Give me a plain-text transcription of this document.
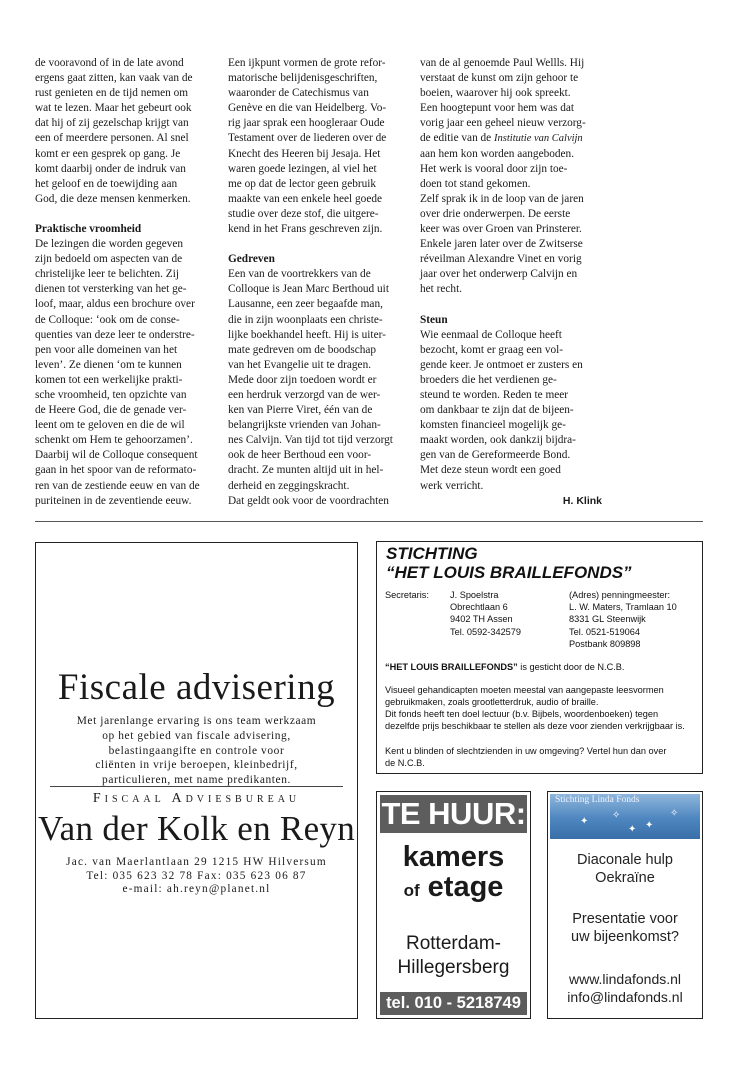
de vooravond of in de late avond
ergens gaat zitten, kan vaak van de
rust genieten en de tijd nemen om
wat te lezen. Maar het gebeurt ook
dat hij of zij gezelschap krijgt van
een of meerdere personen. Al snel
komt er een gesprek op gang. Je
komt daarbij onder de indruk van
het geloof en de toewijding aan
God, die deze mensen kenmerken.
Praktische vroomheid
De lezingen die worden gegeven
zijn bedoeld om aspecten van de
christelijke leer te belichten. Zij
dienen tot versterking van het ge-
loof, maar, aldus een brochure over
de Colloque: ‘ook om de conse-
quenties van deze leer te onderstre-
pen voor alle domeinen van het
leven’. Ze dienen ‘om te kunnen
komen tot een werkelijke prakti-
sche vroomheid, ten opzichte van
de Heere God, die de genade ver-
leent om te geloven en die de wil
schenkt om Hem te gehoorzamen’.
Daarbij wil de Colloque consequent
gaan in het spoor van de reformato-
ren van de zestiende eeuw en van de
puriteinen in de zeventiende eeuw.
Een ijkpunt vormen de grote refor-
matorische belijdenisgeschriften,
waaronder de Catechismus van
Genève en die van Heidelberg. Vo-
rig jaar sprak een hoogleraar Oude
Testament over de liederen over de
Knecht des Heeren bij Jesaja. Het
waren goede lezingen, al viel het
me op dat de lector geen gebruik
maakte van een enkele heel goede
studie over deze stof, die uitgere-
kend in het Frans geschreven zijn.
Gedreven
Een van de voortrekkers van de
Colloque is Jean Marc Berthoud uit
Lausanne, een zeer begaafde man,
die in zijn woonplaats een christe-
lijke boekhandel heeft. Hij is uiter-
mate gedreven om de boodschap
van het Evangelie uit te dragen.
Mede door zijn toedoen wordt er
een herdruk verzorgd van de wer-
ken van Pierre Viret, één van de
belangrijkste vrienden van Johan-
nes Calvijn. Van tijd tot tijd verzorgt
ook de heer Berthoud een voor-
dracht. Ze munten altijd uit in hel-
derheid en zeggingskracht.
Dat geldt ook voor de voordrachten
van de al genoemde Paul Wellls. Hij
verstaat de kunst om zijn gehoor te
boeien, waarover hij ook spreekt.
Een hoogtepunt voor hem was dat
vorig jaar een geheel nieuw verzorg-

de editie van de Institutie van Calvijn

aan hem kon worden aangeboden.
Het werk is vooral door zijn toe-
doen tot stand gekomen.
Zelf sprak ik in de loop van de jaren
over drie onderwerpen. De eerste
keer was over Groen van Prinsterer.
Enkele jaren later over de Zwitserse
réveilman Alexandre Vinet en vorig
jaar over het onderwerp Calvijn en
het recht.
Steun
Wie eenmaal de Colloque heeft
bezocht, komt er graag een vol-
gende keer. Je ontmoet er zusters en
broeders die het verdienen ge-
steund te worden. Reden te meer
om dankbaar te zijn dat de bijeen-
komsten financieel mogelijk ge-
maakt worden, ook dankzij bijdra-
gen van de Gereformeerde Bond.
Met deze steun wordt een goed
werk verricht.
H. Klink
Fiscale advisering
Met jarenlange ervaring is ons team werkzaam
op het gebied van fiscale advisering,
belastingaangifte en controle voor
cliënten in vrije beroepen, kleinbedrijf,
particulieren, met name predikanten.
Fiscaal Adviesbureau
Van der Kolk en Reyn
Jac. van Maerlantlaan 29 1215 HW Hilversum
Tel: 035 623 32 78 Fax: 035 623 06 87
e-mail: ah.reyn@planet.nl
STICHTING
“HET LOUIS BRAILLEFONDS”
Secretaris: J. Spoelstra
Obrechtlaan 6
9402 TH Assen
Tel. 0592-342579
(Adres) penningmeester:
L. W. Maters, Tramlaan 10
8331 GL Steenwijk
Tel. 0521-519064
Postbank 809898
“HET LOUIS BRAILLEFONDS” is gesticht door de N.C.B.
Visueel gehandicapten moeten meestal van aangepaste leesvormen
gebruikmaken, zoals grootletterdruk, audio of braille.
Dit fonds heeft ten doel lectuur (b.v. Bijbels, woordenboeken) tegen
dezelfde prijs beschikbaar te stellen als deze voor zienden verkrijgbaar is.
Kent u blinden of slechtzienden in uw omgeving? Vertel hun dan over
de N.C.B.
TE HUUR:
kamers
of etage
Rotterdam-
Hillegersberg
tel. 010 - 5218749
Stichting Linda Fonds
✦
✧
✦
✧
✦
Diaconale hulp
Oekraïne
Presentatie voor
uw bijeenkomst?
www.lindafonds.nl
info@lindafonds.nl
